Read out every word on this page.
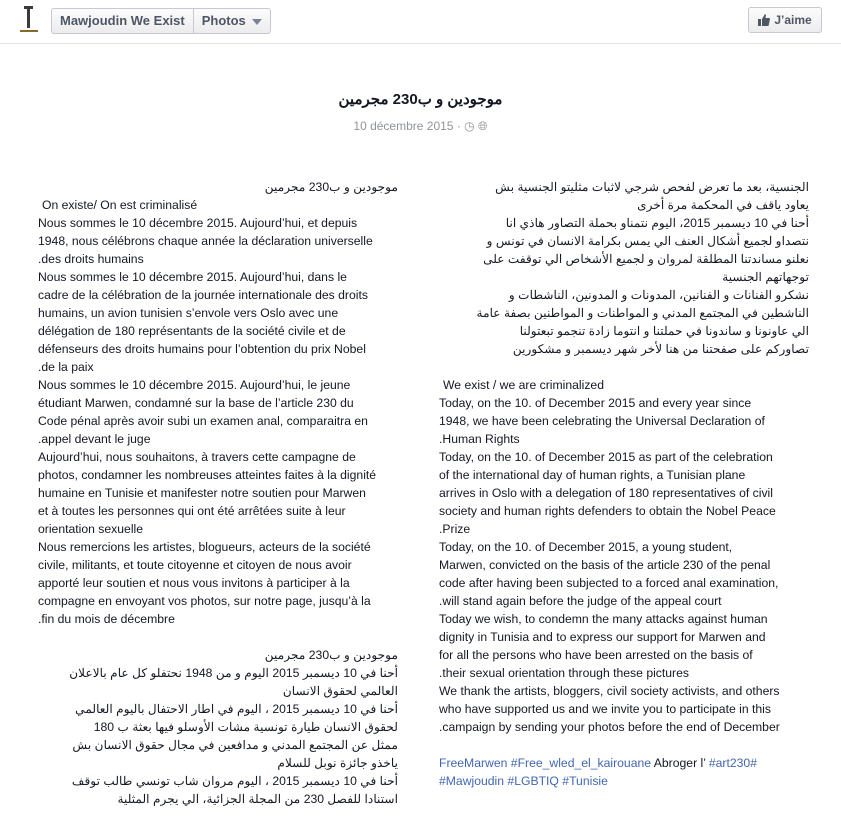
Mawjoudin We Exist	Photos	J’aime
موجودين و ب230 مجرمين
10 décembre 2015 · ◷ 🌐︎

موجودين و ب230 مجرمين

On existe/ On est criminalisé

Nous sommes le 10 décembre 2015. Aujourd’hui, et depuis

1948, nous célébrons chaque année la déclaration universelle

.des droits humains

Nous sommes le 10 décembre 2015. Aujourd’hui, dans le

cadre de la célébration de la journée internationale des droits

humains, un avion tunisien s’envole vers Oslo avec une

délégation de 180 représentants de la société civile et de

défenseurs des droits humains pour l’obtention du prix Nobel

.de la paix

Nous sommes le 10 décembre 2015. Aujourd’hui, le jeune

étudiant Marwen, condamné sur la base de l’article 230 du

Code pénal après avoir subi un examen anal, comparaitra en

.appel devant le juge

Aujourd’hui, nous souhaitons, à travers cette campagne de

photos, condamner les nombreuses atteintes faites à la dignité

humaine en Tunisie et manifester notre soutien pour Marwen

et à toutes les personnes qui ont été arrêtées suite à leur

orientation sexuelle

Nous remercions les artistes, blogueurs, acteurs de la société

civile, militants, et toute citoyenne et citoyen de nous avoir

apporté leur soutien et nous vous invitons à participer à la

compagne en envoyant vos photos, sur notre page, jusqu’à la

.fin du mois de décembre

موجودين و ب230 مجرمين

أحنا في 10 ديسمبر 2015 اليوم و من 1948 نحتفلو كل عام بالاعلان

العالمي لحقوق الانسان

أحنا في 10 ديسمبر 2015 ، اليوم في اطار الاحتفال باليوم العالمي

لحقوق الانسان طيارة تونسية مشات الأوسلو فيها بعثة ب 180

ممثل عن المجتمع المدني و مدافعين في مجال حقوق الانسان بش

ياخذو جائزة نوبل للسلام

أحنا في 10 ديسمبر 2015 ، اليوم مروان شاب تونسي طالب توقف

استنادا للفصل 230 من المجلة الجزائية، الي يجرم المثلية

الجنسية، بعد ما تعرض لفحص شرجي لاثبات مثليتو الجنسية بش

يعاود ياقف في المحكمة مرة أخرى

أحنا في 10 ديسمبر 2015، اليوم نتمناو بحملة التصاور هاذي انا

نتصداو لجميع أشكال العنف الي يمس بكرامة الانسان في تونس و

نعلنو مساندتنا المطلقة لمروان و لجميع الأشخاص الي توقفت على

توجهاتهم الجنسية

نشكرو الفنانات و الفنانين، المدونات و المدونين، الناشطات و

الناشطين في المجتمع المدني و المواطنات و المواطنين بصفة عامة

الي عاونونا و ساندونا في حملتنا و انتوما زادة تنجمو تبعتولنا

تصاوركم على صفحتنا من هنا لأخر شهر ديسمبر و مشكورين

We exist / we are criminalized

Today, on the 10. of December 2015 and every year since

1948, we have been celebrating the Universal Declaration of

.Human Rights

Today, on the 10. of December 2015 as part of the celebration

of the international day of human rights, a Tunisian plane

arrives in Oslo with a delegation of 180 representatives of civil

society and human rights defenders to obtain the Nobel Peace

.Prize

Today, on the 10. of December 2015, a young student,

Marwen, convicted on the basis of the article 230 of the penal

code after having been subjected to a forced anal examination,

.will stand again before the judge of the appeal court

Today we wish, to condemn the many attacks against human

dignity in Tunisia and to express our support for Marwen and

for all the persons who have been arrested on the basis of

.their sexual orientation through these pictures

We thank the artists, bloggers, civil society activists, and others

who have supported us and we invite you to participate in this

.campaign by sending your photos before the end of December

FreeMarwen #Free_wled_el_kairouane Abroger l’ #art230#

#Mawjoudin #LGBTIQ #Tunisie
